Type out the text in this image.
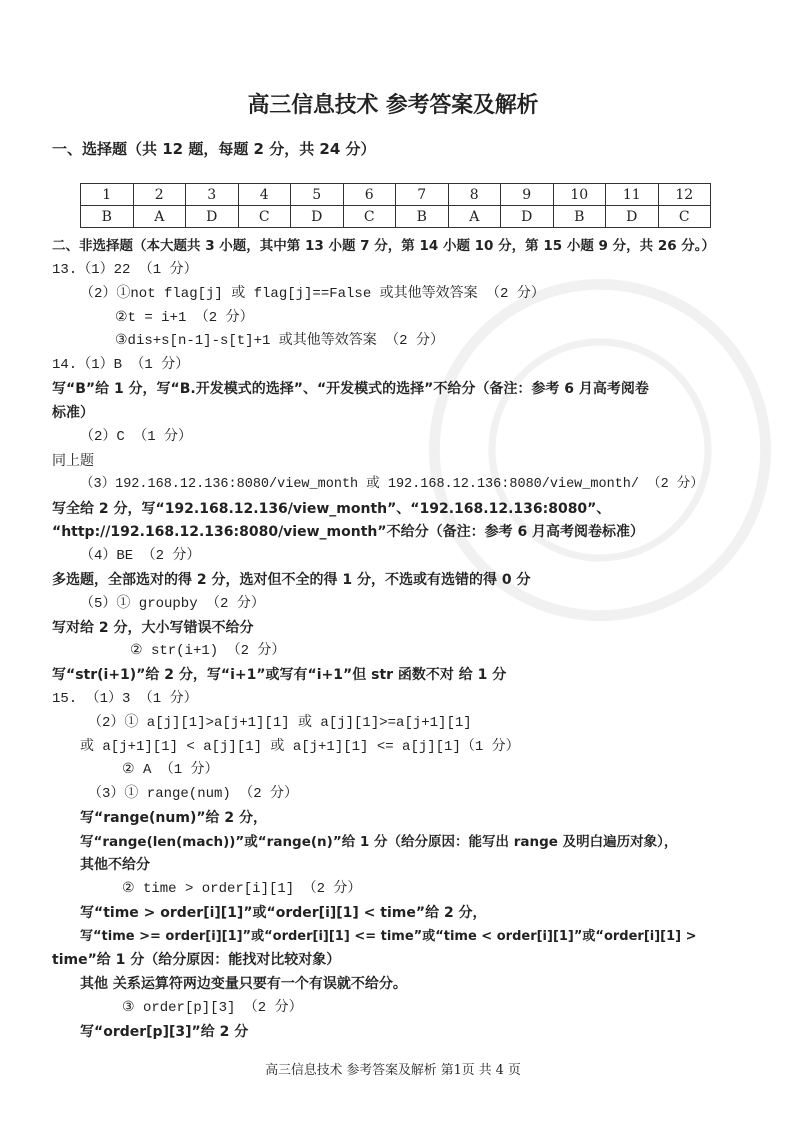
高三信息技术 参考答案及解析
一、选择题（共 12 题，每题 2 分，共 24 分）
1	2	3	4	5	6	7	8	9	10	11	12
B	A	D	C	D	C	B	A	D	B	D	C
二、非选择题（本大题共 3 小题，其中第 13 小题 7 分，第 14 小题 10 分，第 15 小题 9 分，共 26 分。）
13.（1）22 （1 分）
（2）①not flag[j] 或 flag[j]==False 或其他等效答案 （2 分）
②t = i+1 （2 分）
③dis+s[n-1]-s[t]+1 或其他等效答案 （2 分）
14.（1）B （1 分）
写“B”给 1 分，写“B.开发模式的选择”、“开发模式的选择”不给分（备注：参考 6 月高考阅卷
标准）
（2）C （1 分）
同上题
（3）192.168.12.136:8080/view_month 或 192.168.12.136:8080/view_month/ （2 分）
写全给 2 分，写“192.168.12.136/view_month”、“192.168.12.136:8080”、
“http://192.168.12.136:8080/view_month”不给分（备注：参考 6 月高考阅卷标准）
（4）BE （2 分）
多选题，全部选对的得 2 分，选对但不全的得 1 分，不选或有选错的得 0 分
（5）① groupby （2 分）
写对给 2 分，大小写错误不给分
② str(i+1) （2 分）
写“str(i+1)”给 2 分，写“i+1”或写有“i+1”但 str 函数不对 给 1 分
15. （1）3 （1 分）
（2）① a[j][1]>a[j+1][1] 或 a[j][1]>=a[j+1][1]
或 a[j+1][1] < a[j][1] 或 a[j+1][1] <= a[j][1]（1 分）
② A （1 分）
（3）① range(num) （2 分）
写“range(num)”给 2 分，
写“range(len(mach))”或“range(n)”给 1 分（给分原因：能写出 range 及明白遍历对象），
其他不给分
② time > order[i][1] （2 分）
写“time > order[i][1]”或“order[i][1] < time”给 2 分，
写“time >= order[i][1]”或“order[i][1] <= time”或“time < order[i][1]”或“order[i][1] >
time”给 1 分（给分原因：能找对比较对象）
其他 关系运算符两边变量只要有一个有误就不给分。
③ order[p][3] （2 分）
写“order[p][3]”给 2 分
高三信息技术 参考答案及解析 第1页 共 4 页
